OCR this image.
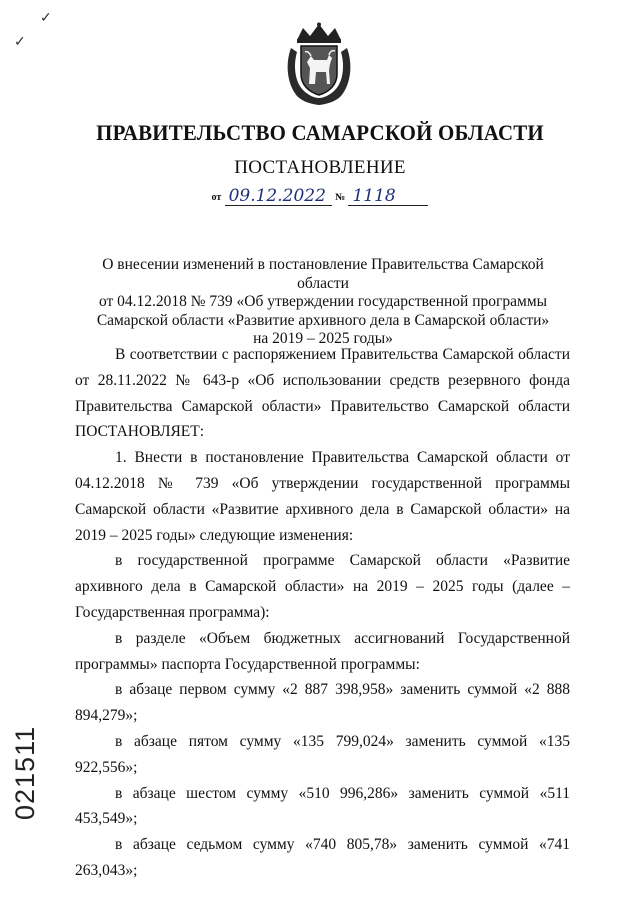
✓
✓
ПРАВИТЕЛЬСТВО САМАРСКОЙ ОБЛАСТИ
ПОСТАНОВЛЕНИЕ
от 09.12.2022 № 1118
О внесении изменений в постановление Правительства Самарской области
от 04.12.2018 № 739 «Об утверждении государственной программы
Самарской области «Развитие архивного дела в Самарской области»
на 2019 – 2025 годы»

В соответствии с распоряжением Правительства Самарской области от 28.11.2022 № 643-р «Об использовании средств резервного фонда Правительства Самарской области» Правительство Самарской области ПОСТАНОВЛЯЕТ:

1. Внести в постановление Правительства Самарской области от 04.12.2018 № 739 «Об утверждении государственной программы Самарской области «Развитие архивного дела в Самарской области» на 2019 – 2025 годы» следующие изменения:

в государственной программе Самарской области «Развитие архивного дела в Самарской области» на 2019 – 2025 годы (далее – Государственная программа):

в разделе «Объем бюджетных ассигнований Государственной программы» паспорта Государственной программы:

в абзаце первом сумму «2 887 398,958» заменить суммой «2 888 894,279»;

в абзаце пятом сумму «135 799,024» заменить суммой «135 922,556»;

в абзаце шестом сумму «510 996,286» заменить суммой «511 453,549»;

в абзаце седьмом сумму «740 805,78» заменить суммой «741 263,043»;

021511
